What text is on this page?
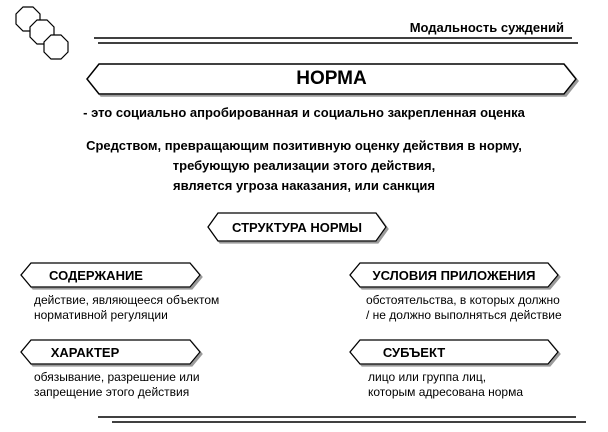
Модальность суждений
НОРМА
- это социально апробированная и социально закрепленная оценка
Средством, превращающим позитивную оценку действия в норму,
требующую реализации этого действия,
является угроза наказания, или санкция
СТРУКТУРА НОРМЫ
СОДЕРЖАНИЕ
действие, являющееся объектом
нормативной регуляции
УСЛОВИЯ ПРИЛОЖЕНИЯ
обстоятельства, в которых должно
/ не должно выполняться действие
ХАРАКТЕР
обязывание, разрешение или
запрещение этого действия
СУБЪЕКТ
лицо или группа лиц,
которым адресована норма
